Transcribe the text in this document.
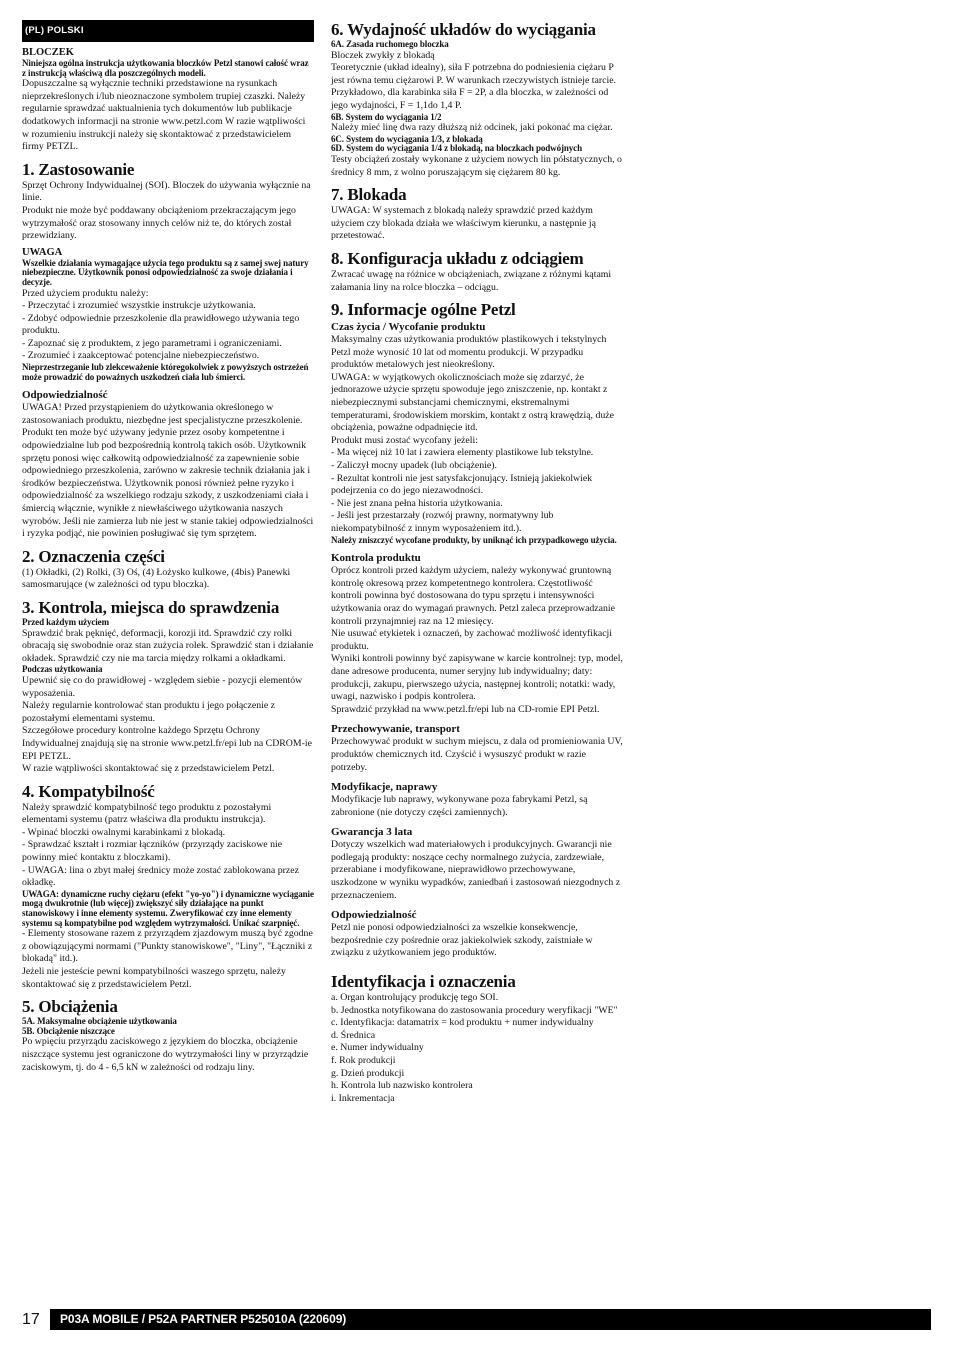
(PL) POLSKI

BLOCZEK

Niniejsza ogólna instrukcja użytkowania bloczków Petzl stanowi całość wraz z instrukcją właściwą dla poszczególnych modeli.

Dopuszczalne są wyłącznie techniki przedstawione na rysunkach nieprzekreślonych i/lub nieoznaczone symbolem trupiej czaszki. Należy regularnie sprawdzać uaktualnienia tych dokumentów lub publikacje dodatkowych informacji na stronie www.petzl.com W razie wątpliwości w rozumieniu instrukcji należy się skontaktować z przedstawicielem firmy PETZL.

1. Zastosowanie

Sprzęt Ochrony Indywidualnej (SOI). Bloczek do używania wyłącznie na linie.

Produkt nie może być poddawany obciążeniom przekraczającym jego wytrzymałość oraz stosowany innych celów niż te, do których został przewidziany.

UWAGA

Wszelkie działania wymagające użycia tego produktu są z samej swej natury niebezpieczne. Użytkownik ponosi odpowiedzialność za swoje działania i decyzje.

Przed użyciem produktu należy:

- Przeczytać i zrozumieć wszystkie instrukcje użytkowania.

- Zdobyć odpowiednie przeszkolenie dla prawidłowego używania tego produktu.

- Zapoznać się z produktem, z jego parametrami i ograniczeniami.

- Zrozumieć i zaakceptować potencjalne niebezpieczeństwo.

Nieprzestrzeganie lub zlekceważenie któregokolwiek z powyższych ostrzeżeń może prowadzić do poważnych uszkodzeń ciała lub śmierci.

Odpowiedzialność

UWAGA! Przed przystąpieniem do użytkowania określonego w zastosowaniach produktu, niezbędne jest specjalistyczne przeszkolenie.

Produkt ten może być używany jedynie przez osoby kompetentne i odpowiedzialne lub pod bezpośrednią kontrolą takich osób. Użytkownik sprzętu ponosi więc całkowitą odpowiedzialność za zapewnienie sobie odpowiedniego przeszkolenia, zarówno w zakresie technik działania jak i środków bezpieczeństwa. Użytkownik ponosi również pełne ryzyko i odpowiedzialność za wszelkiego rodzaju szkody, z uszkodzeniami ciała i śmiercią włącznie, wynikłe z niewłaściwego użytkowania naszych wyrobów. Jeśli nie zamierza lub nie jest w stanie takiej odpowiedzialności i ryzyka podjąć, nie powinien posługiwać się tym sprzętem.

2. Oznaczenia części

(1) Okładki, (2) Rolki, (3) Oś, (4) Łożysko kulkowe, (4bis) Panewki samosmarujące (w zależności od typu bloczka).

3. Kontrola, miejsca do sprawdzenia

Przed każdym użyciem

Sprawdzić brak pęknięć, deformacji, korozji itd. Sprawdzić czy rolki obracają się swobodnie oraz stan zużycia rolek. Sprawdzić stan i działanie okładek. Sprawdzić czy nie ma tarcia między rolkami a okładkami.

Podczas użytkowania

Upewnić się co do prawidłowej - względem siebie - pozycji elementów wyposażenia.

Należy regularnie kontrolować stan produktu i jego połączenie z pozostałymi elementami systemu.

Szczegółowe procedury kontrolne każdego Sprzętu Ochrony Indywidualnej znajdują się na stronie www.petzl.fr/epi lub na CDROM-ie EPI PETZL.

W razie wątpliwości skontaktować się z przedstawicielem Petzl.

4. Kompatybilność

Należy sprawdzić kompatybilność tego produktu z pozostałymi elementami systemu (patrz właściwa dla produktu instrukcja).

- Wpinać bloczki owalnymi karabinkami z blokadą.

- Sprawdzać kształt i rozmiar łączników (przyrządy zaciskowe nie powinny mieć kontaktu z bloczkami).

- UWAGA: lina o zbyt małej średnicy może zostać zablokowana przez okładkę.

UWAGA: dynamiczne ruchy ciężaru (efekt "yo-yo") i dynamiczne wyciąganie mogą dwukrotnie (lub więcej) zwiększyć siły działające na punkt stanowiskowy i inne elementy systemu. Zweryfikować czy inne elementy systemu są kompatybilne pod względem wytrzymałości. Unikać szarpnięć.

- Elementy stosowane razem z przyrządem zjazdowym muszą być zgodne z obowiązującymi normami ("Punkty stanowiskowe", "Liny", "Łączniki z blokadą" itd.).

Jeżeli nie jesteście pewni kompatybilności waszego sprzętu, należy skontaktować się z przedstawicielem Petzl.

5. Obciążenia

5A. Maksymalne obciążenie użytkowania

5B. Obciążenie niszczące

Po wpięciu przyrządu zaciskowego z językiem do bloczka, obciążenie niszczące systemu jest ograniczone do wytrzymałości liny w przyrządzie zaciskowym, tj. do 4 - 6,5 kN w zależności od rodzaju liny.

6. Wydajność układów do wyciągania

6A. Zasada ruchomego bloczka

Bloczek zwykły z blokadą

Teoretycznie (układ idealny), siła F potrzebna do podniesienia ciężaru P jest równa temu ciężarowi P. W warunkach rzeczywistych istnieje tarcie. Przykładowo, dla karabinka siła F = 2P, a dla bloczka, w zależności od jego wydajności, F = 1,1do 1,4 P.

6B. System do wyciągania 1/2

Należy mieć linę dwa razy dłuższą niż odcinek, jaki pokonać ma ciężar.

6C. System do wyciągania 1/3, z blokadą

6D. System do wyciągania 1/4 z blokadą, na bloczkach podwójnych

Testy obciążeń zostały wykonane z użyciem nowych lin półstatycznych, o średnicy 8 mm, z wolno poruszającym się ciężarem 80 kg.

7. Blokada

UWAGA: W systemach z blokadą należy sprawdzić przed każdym użyciem czy blokada działa we właściwym kierunku, a następnie ją przetestować.

8. Konfiguracja układu z odciągiem

Zwracać uwagę na różnice w obciążeniach, związane z różnymi kątami załamania liny na rolce bloczka – odciągu.

9. Informacje ogólne Petzl

Czas życia / Wycofanie produktu

Maksymalny czas użytkowania produktów plastikowych i tekstylnych Petzl może wynosić 10 lat od momentu produkcji. W przypadku produktów metalowych jest nieokreślony.

UWAGA: w wyjątkowych okolicznościach może się zdarzyć, że jednorazowe użycie sprzętu spowoduje jego zniszczenie, np. kontakt z niebezpiecznymi substancjami chemicznymi, ekstremalnymi temperaturami, środowiskiem morskim, kontakt z ostrą krawędzią, duże obciążenia, poważne odpadnięcie itd.

Produkt musi zostać wycofany jeżeli:

- Ma więcej niż 10 lat i zawiera elementy plastikowe lub tekstylne.

- Zaliczył mocny upadek (lub obciążenie).

- Rezultat kontroli nie jest satysfakcjonujący. Istnieją jakiekolwiek podejrzenia co do jego niezawodności.

- Nie jest znana pełna historia użytkowania.

- Jeśli jest przestarzały (rozwój prawny, normatywny lub niekompatybilność z innym wyposażeniem itd.).

Należy zniszczyć wycofane produkty, by uniknąć ich przypadkowego użycia.

Kontrola produktu

Oprócz kontroli przed każdym użyciem, należy wykonywać gruntowną kontrolę okresową przez kompetentnego kontrolera. Częstotliwość kontroli powinna być dostosowana do typu sprzętu i intensywności użytkowania oraz do wymagań prawnych. Petzl zaleca przeprowadzanie kontroli przynajmniej raz na 12 miesięcy.

Nie usuwać etykietek i oznaczeń, by zachować możliwość identyfikacji produktu.

Wyniki kontroli powinny być zapisywane w karcie kontrolnej: typ, model, dane adresowe producenta, numer seryjny lub indywidualny; daty: produkcji, zakupu, pierwszego użycia, następnej kontroli; notatki: wady, uwagi, nazwisko i podpis kontrolera.

Sprawdzić przykład na www.petzl.fr/epi lub na CD-romie EPI Petzl.

Przechowywanie, transport

Przechowywać produkt w suchym miejscu, z dala od promieniowania UV, produktów chemicznych itd. Czyścić i wysuszyć produkt w razie potrzeby.

Modyfikacje, naprawy

Modyfikacje lub naprawy, wykonywane poza fabrykami Petzl, są zabronione (nie dotyczy części zamiennych).

Gwarancja 3 lata

Dotyczy wszelkich wad materiałowych i produkcyjnych. Gwarancji nie podlegają produkty: noszące cechy normalnego zużycia, zardzewiałe, przerabiane i modyfikowane, nieprawidłowo przechowywane, uszkodzone w wyniku wypadków, zaniedbań i zastosowań niezgodnych z przeznaczeniem.

Odpowiedzialność

Petzl nie ponosi odpowiedzialności za wszelkie konsekwencje, bezpośrednie czy pośrednie oraz jakiekolwiek szkody, zaistniałe w związku z użytkowaniem jego produktów.

Identyfikacja i oznaczenia

a. Organ kontrolujący produkcję tego SOI.

b. Jednostka notyfikowana do zastosowania procedury weryfikacji "WE"

c. Identyfikacja: datamatrix = kod produktu + numer indywidualny

d. Średnica

e. Numer indywidualny

f. Rok produkcji

g. Dzień produkcji

h. Kontrola lub nazwisko kontrolera

i. Inkrementacja

17	P03A MOBILE / P52A PARTNER P525010A (220609)
